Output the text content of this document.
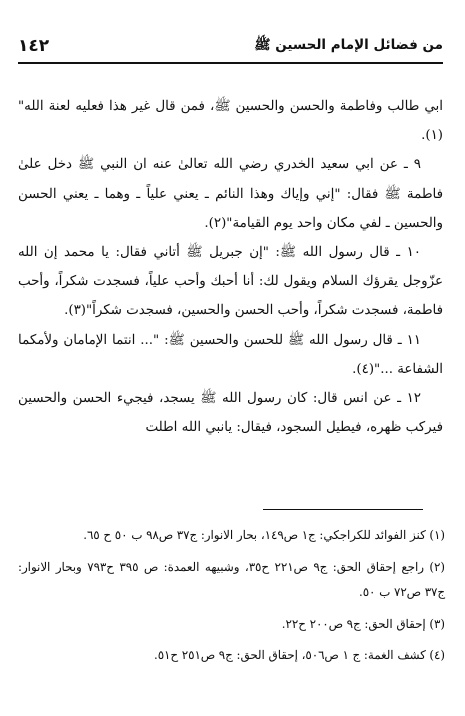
من فضائل الإمام الحسين ﷺ
١٤٢

ابي طالب وفاطمة والحسن والحسين ﷺ، فمن قال غير هذا فعليه لعنة الله"(١).

٩ ـ عن ابي سعيد الخدري رضي الله تعالىٰ عنه ان النبي ﷺ دخل علىٰ فاطمة ﷺ فقال: "إني وإياك وهذا النائم ـ يعني علياً ـ وهما ـ يعني الحسن والحسين ـ لفي مكان واحد يوم القيامة"(٢).

١٠ ـ قال رسول الله ﷺ: "إن جبريل ﷺ أتاني فقال: يا محمد إن الله عزّوجل يقرؤك السلام ويقول لك: أنا أحبك وأحب علياً، فسجدت شكراً، وأحب فاطمة، فسجدت شكراً، وأحب الحسن والحسين، فسجدت شكراً"(٣).

١١ ـ قال رسول الله ﷺ للحسن والحسين ﷺ: "... انتما الإمامان ولأمكما الشفاعة ..."(٤).

١٢ ـ عن انس قال: كان رسول الله ﷺ يسجد، فيجيء الحسن والحسين فيركب ظهره، فيطيل السجود، فيقال: يانبي الله اطلت

(١) كنز الفوائد للكراجكي: ج١ ص١٤٩، بحار الانوار: ج٣٧ ص٩٨ ب ٥٠ ح ٦٥.

(٢) راجع إحقاق الحق: ج٩ ص٢٢١ ح٣٥، وشبيهه العمدة: ص ٣٩٥ ح٧٩٣ وبحار الانوار: ج٣٧ ص٧٢ ب ٥٠.

(٣) إحقاق الحق: ج٩ ص٢٠٠ ح٢٢.

(٤) كشف الغمة: ج ١ ص٥٠٦، إحقاق الحق: ج٩ ص٢٥١ ح٥١.
